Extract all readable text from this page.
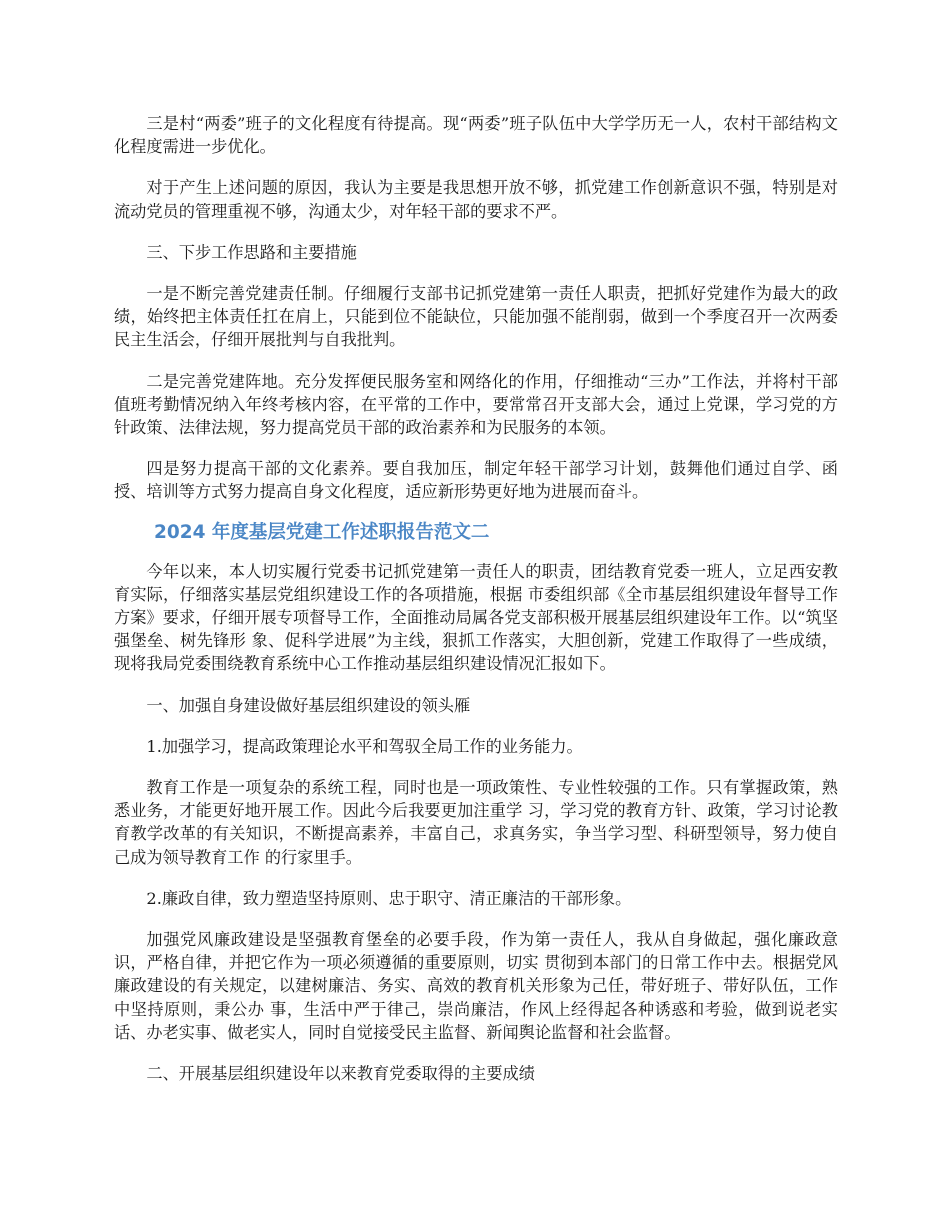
三是村“两委”班子的文化程度有待提高。现“两委”班子队伍中大学学历无一人，农村干部结构文化程度需进一步优化。

对于产生上述问题的原因，我认为主要是我思想开放不够，抓党建工作创新意识不强，特别是对流动党员的管理重视不够，沟通太少，对年轻干部的要求不严。

三、下步工作思路和主要措施

一是不断完善党建责任制。仔细履行支部书记抓党建第一责任人职责，把抓好党建作为最大的政绩，始终把主体责任扛在肩上，只能到位不能缺位，只能加强不能削弱，做到一个季度召开一次两委民主生活会，仔细开展批判与自我批判。

二是完善党建阵地。充分发挥便民服务室和网络化的作用，仔细推动“三办”工作法，并将村干部值班考勤情况纳入年终考核内容，在平常的工作中，要常常召开支部大会，通过上党课，学习党的方针政策、法律法规，努力提高党员干部的政治素养和为民服务的本领。

四是努力提高干部的文化素养。要自我加压，制定年轻干部学习计划，鼓舞他们通过自学、函授、培训等方式努力提高自身文化程度，适应新形势更好地为进展而奋斗。

2024 年度基层党建工作述职报告范文二

今年以来，本人切实履行党委书记抓党建第一责任人的职责，团结教育党委一班人，立足西安教育实际，仔细落实基层党组织建设工作的各项措施，根据 市委组织部《全市基层组织建设年督导工作方案》要求，仔细开展专项督导工作，全面推动局属各党支部积极开展基层组织建设年工作。以“筑坚强堡垒、树先锋形 象、促科学进展”为主线，狠抓工作落实，大胆创新，党建工作取得了一些成绩，现将我局党委围绕教育系统中心工作推动基层组织建设情况汇报如下。

一、加强自身建设做好基层组织建设的领头雁

1.加强学习，提高政策理论水平和驾驭全局工作的业务能力。

教育工作是一项复杂的系统工程，同时也是一项政策性、专业性较强的工作。只有掌握政策，熟悉业务，才能更好地开展工作。因此今后我要更加注重学 习，学习党的教育方针、政策，学习讨论教育教学改革的有关知识，不断提高素养，丰富自己，求真务实，争当学习型、科研型领导，努力使自己成为领导教育工作 的行家里手。

2.廉政自律，致力塑造坚持原则、忠于职守、清正廉洁的干部形象。

加强党风廉政建设是坚强教育堡垒的必要手段，作为第一责任人，我从自身做起，强化廉政意识，严格自律，并把它作为一项必须遵循的重要原则，切实 贯彻到本部门的日常工作中去。根据党风廉政建设的有关规定，以建树廉洁、务实、高效的教育机关形象为己任，带好班子、带好队伍，工作中坚持原则，秉公办 事，生活中严于律己，崇尚廉洁，作风上经得起各种诱惑和考验，做到说老实话、办老实事、做老实人，同时自觉接受民主监督、新闻舆论监督和社会监督。

二、开展基层组织建设年以来教育党委取得的主要成绩
